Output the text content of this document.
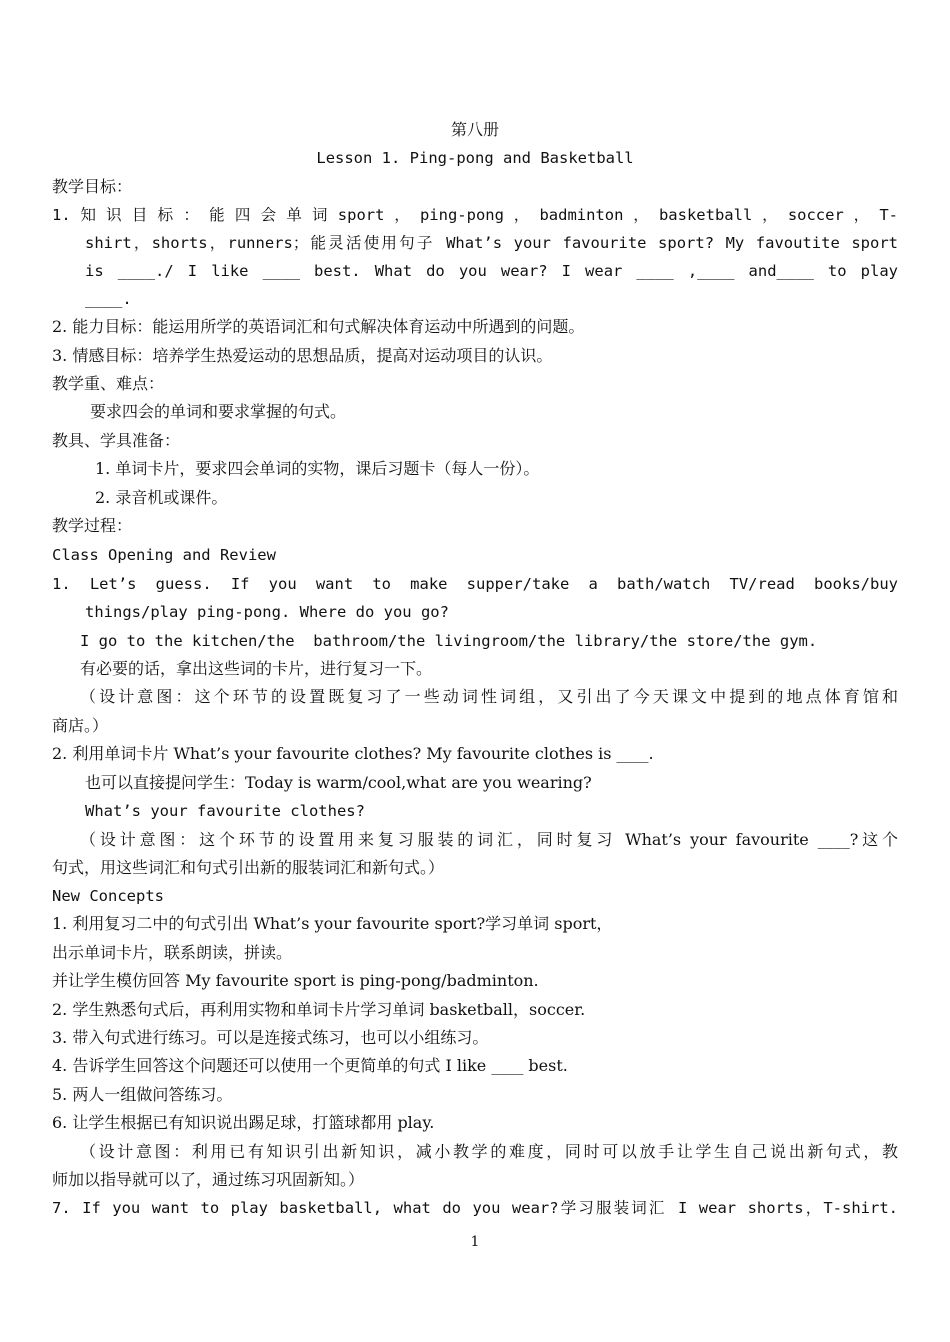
第八册
Lesson 1. Ping-pong and Basketball
教学目标：
1. 知 识 目 标 ： 能 四 会 单 词 sport ， ping-pong ， badminton ， basketball ， soccer ， T-
shirt，shorts，runners；能灵活使用句子 What’s your favourite sport? My favoutite sport
is ____./ I like ____ best. What do you wear? I wear ____ ,____ and____ to play
____.
2. 能力目标：能运用所学的英语词汇和句式解决体育运动中所遇到的问题。
3. 情感目标：培养学生热爱运动的思想品质，提高对运动项目的认识。
教学重、难点：
要求四会的单词和要求掌握的句式。
教具、学具准备：
1. 单词卡片，要求四会单词的实物，课后习题卡（每人一份）。
2. 录音机或课件。
教学过程：
Class Opening and Review
1. Let’s guess. If you want to make supper/take a bath/watch TV/read books/buy
things/play ping-pong. Where do you go?
I go to the kitchen/the  bathroom/the livingroom/the library/the store/the gym.
有必要的话，拿出这些词的卡片，进行复习一下。
（设计意图：这个环节的设置既复习了一些动词性词组，又引出了今天课文中提到的地点体育馆和
商店。）
2. 利用单词卡片 What’s your favourite clothes? My favourite clothes is ____.
也可以直接提问学生：Today is warm/cool,what are you wearing?
What’s your favourite clothes?
（设计意图：这个环节的设置用来复习服装的词汇，同时复习 What’s your favourite ____?这个
句式，用这些词汇和句式引出新的服装词汇和新句式。）
New Concepts
1. 利用复习二中的句式引出 What’s your favourite sport?学习单词 sport，
出示单词卡片，联系朗读，拼读。
并让学生模仿回答 My favourite sport is ping-pong/badminton.
2. 学生熟悉句式后，再利用实物和单词卡片学习单词 basketball，soccer.
3. 带入句式进行练习。可以是连接式练习，也可以小组练习。
4. 告诉学生回答这个问题还可以使用一个更简单的句式 I like ____ best.
5. 两人一组做问答练习。
6. 让学生根据已有知识说出踢足球，打篮球都用 play.
（设计意图：利用已有知识引出新知识，减小教学的难度，同时可以放手让学生自己说出新句式，教
师加以指导就可以了，通过练习巩固新知。）
7. If you want to play basketball, what do you wear?学习服装词汇 I wear shorts，T-shirt.
1
